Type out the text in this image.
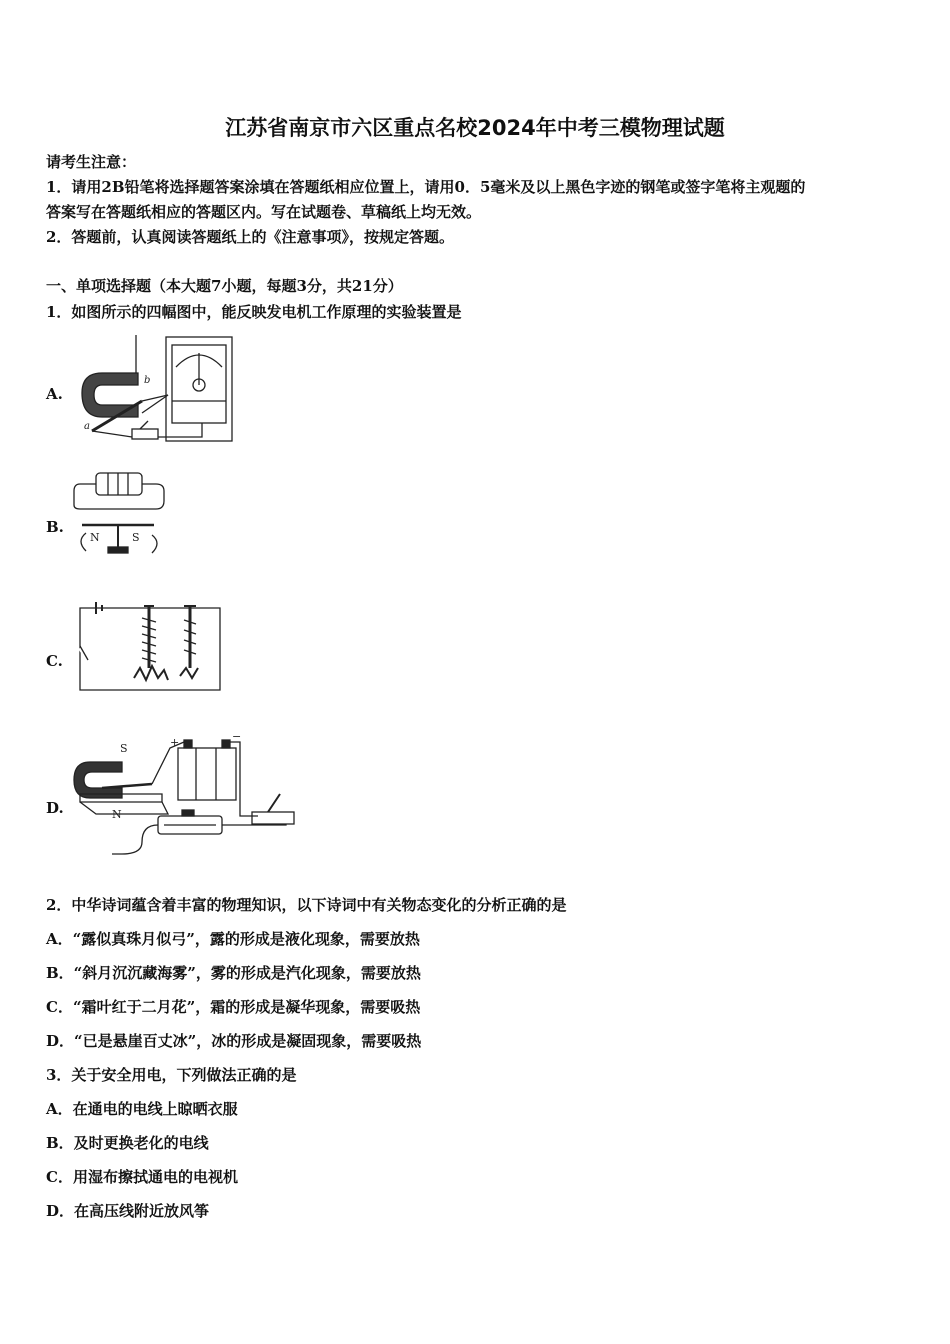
江苏省南京市六区重点名校2024年中考三模物理试题
请考生注意：
1．请用2B铅笔将选择题答案涂填在答题纸相应位置上，请用0．5毫米及以上黑色字迹的钢笔或签字笔将主观题的
答案写在答题纸相应的答题区内。写在试题卷、草稿纸上均无效。
2．答题前，认真阅读答题纸上的《注意事项》，按规定答题。
一、单项选择题（本大题7小题，每题3分，共21分）
1．如图所示的四幅图中，能反映发电机工作原理的实验装置是
A.
a
b
B.
N	S
C.
D.
S
N
+	−
2．中华诗词蕴含着丰富的物理知识，以下诗词中有关物态变化的分析正确的是
A．“露似真珠月似弓”，露的形成是液化现象，需要放热
B．“斜月沉沉藏海雾”，雾的形成是汽化现象，需要放热
C．“霜叶红于二月花”，霜的形成是凝华现象，需要吸热
D．“已是悬崖百丈冰”，冰的形成是凝固现象，需要吸热
3．关于安全用电，下列做法正确的是
A．在通电的电线上晾晒衣服
B．及时更换老化的电线
C．用湿布擦拭通电的电视机
D．在高压线附近放风筝
